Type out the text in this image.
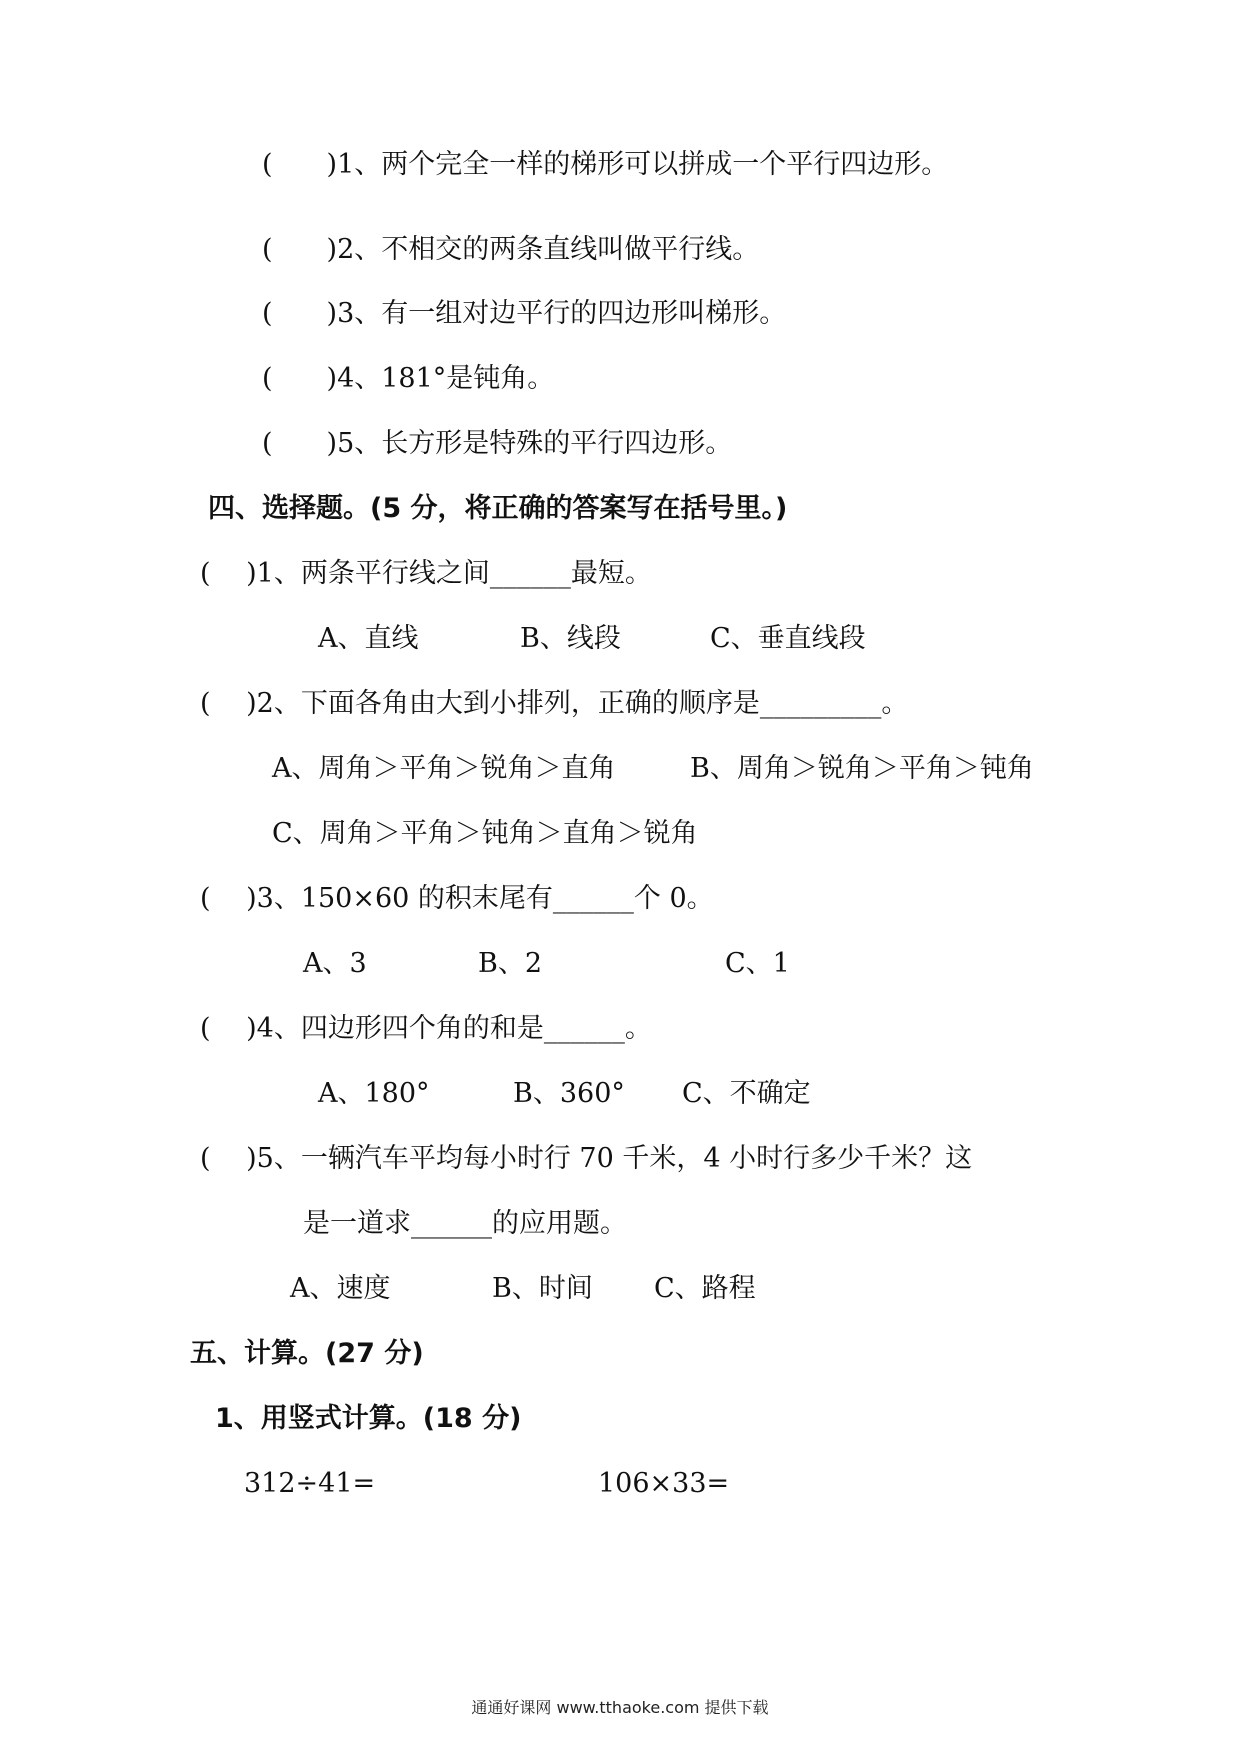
(　　)1、两个完全一样的梯形可以拼成一个平行四边形。
(　　)2、不相交的两条直线叫做平行线。
(　　)3、有一组对边平行的四边形叫梯形。
(　　)4、181°是钝角。
(　　)5、长方形是特殊的平行四边形。
四、选择题。(5 分，将正确的答案写在括号里。)
(　 )1、两条平行线之间______最短。
A、直线	B、线段	C、垂直线段
(　 )2、下面各角由大到小排列，正确的顺序是_________。
A、周角＞平角＞锐角＞直角	B、周角＞锐角＞平角＞钝角
C、周角＞平角＞钝角＞直角＞锐角
(　 )3、150×60 的积末尾有______个 0。
A、3	B、2	C、1
(　 )4、四边形四个角的和是______。
A、180°	B、360° C、不确定
(　 )5、一辆汽车平均每小时行 70 千米，4 小时行多少千米？这
是一道求______的应用题。
A、速度	B、时间 C、路程
五、计算。(27 分)
1、用竖式计算。(18 分)
312÷41=	106×33=
通通好课网 www.tthaoke.com 提供下载
